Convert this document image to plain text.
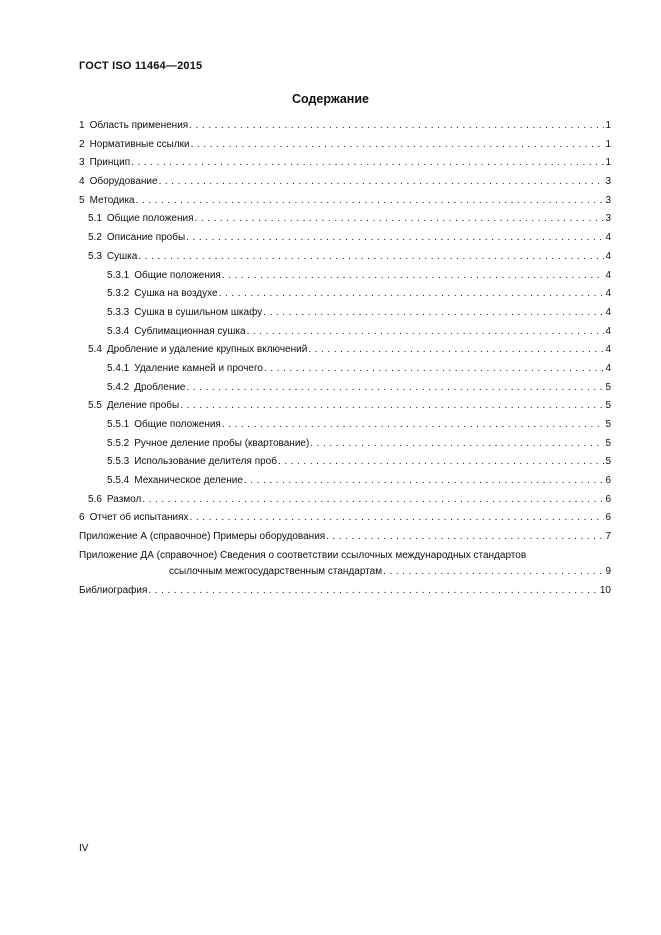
ГОСТ ISO 11464—2015
Содержание
1 Область применения . . .	1
2 Нормативные ссылки . . .	1
3 Принцип . . .	1
4 Оборудование . . .	3
5 Методика . . .	3
5.1 Общие положения . . .	3
5.2 Описание пробы . . .	4
5.3 Сушка . . .	4
5.3.1 Общие положения . . .	4
5.3.2 Сушка на воздухе . . .	4
5.3.3 Сушка в сушильном шкафу . . .	4
5.3.4 Сублимационная сушка . . .	4
5.4 Дробление и удаление крупных включений . . .	4
5.4.1 Удаление камней и прочего . . .	4
5.4.2 Дробление . . .	5
5.5 Деление пробы . . .	5
5.5.1 Общие положения . . .	5
5.5.2 Ручное деление пробы (квартование) . . .	5
5.5.3 Использование делителя проб . . .	5
5.5.4 Механическое деление . . .	6
5.6 Размол . . .	6
6 Отчет об испытаниях . . .	6
Приложение А (справочное) Примеры оборудования . . .	7
Приложение ДА (справочное) Сведения о соответствии ссылочных международных стандартов
ссылочным межгосударственным стандартам . . .	9
Библиография . . .	10
IV
